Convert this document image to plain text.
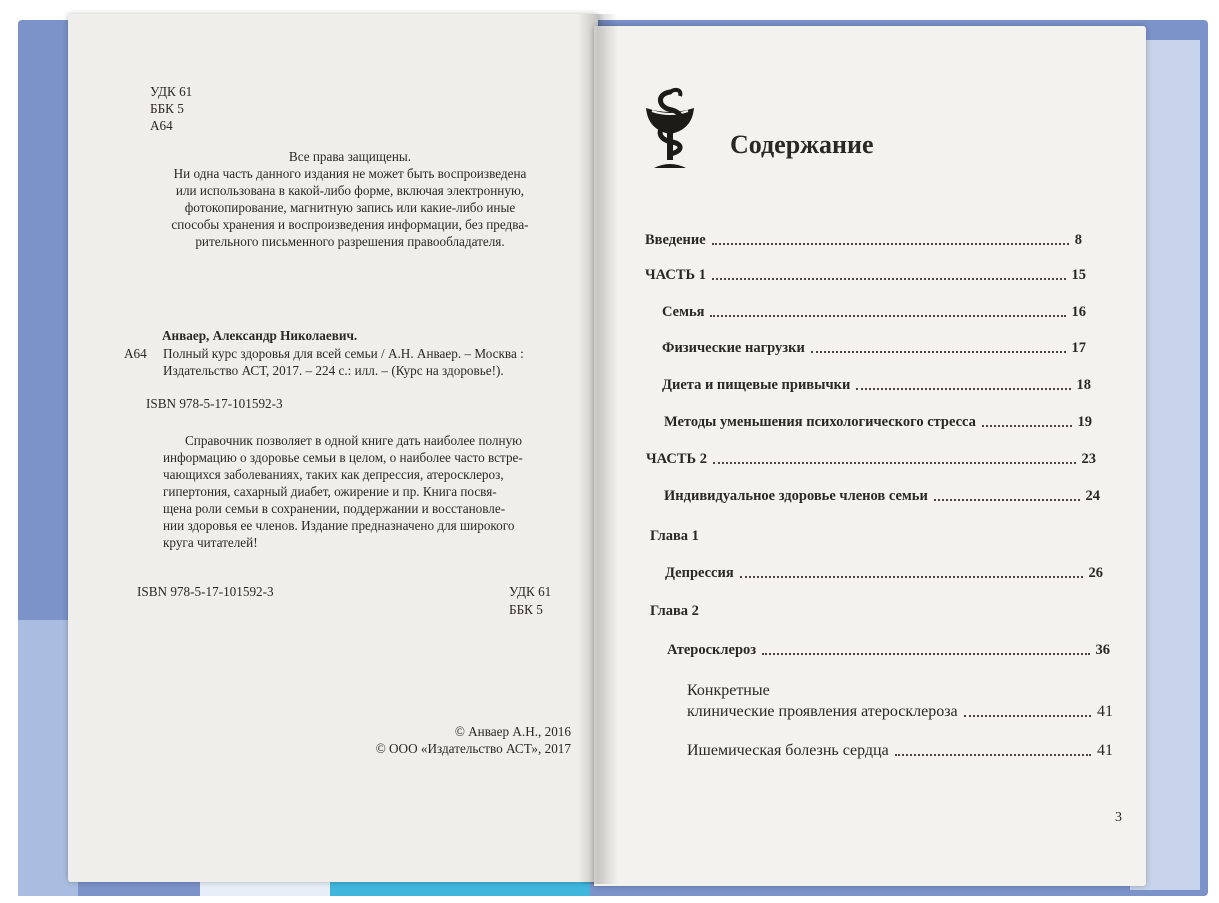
УДК 61
ББК 5
А64
Все права защищены.
Ни одна часть данного издания не может быть воспроизведена
или использована в какой-либо форме, включая электронную,
фотокопирование, магнитную запись или какие-либо иные
способы хранения и воспроизведения информации, без предва-
рительного письменного разрешения правообладателя.
Анваер, Александр Николаевич.
А64 Полный курс здоровья для всей семьи / А.Н. Анваер. – Москва :
Издательство АСТ, 2017. – 224 с.: илл. – (Курс на здоровье!).
ISBN 978-5-17-101592-3
Справочник позволяет в одной книге дать наиболее полную
информацию о здоровье семьи в целом, о наиболее часто встре-
чающихся заболеваниях, таких как депрессия, атеросклероз,
гипертония, сахарный диабет, ожирение и пр. Книга посвя-
щена роли семьи в сохранении, поддержании и восстановле-
нии здоровья ее членов. Издание предназначено для широкого
круга читателей!
ISBN 978-5-17-101592-3	УДК 61
ББК 5
© Анваер А.Н., 2016
© ООО «Издательство АСТ», 2017
Содержание
Введение	8
ЧАСТЬ 1	15
Семья	16
Физические нагрузки	17
Диета и пищевые привычки	18
Методы уменьшения психологического стресса	19
ЧАСТЬ 2	23
Индивидуальное здоровье членов семьи	24
Глава 1
Депрессия	26
Глава 2
Атеросклероз	36
Конкретные
клинические проявления атеросклероза	41
Ишемическая болезнь сердца	41
3
